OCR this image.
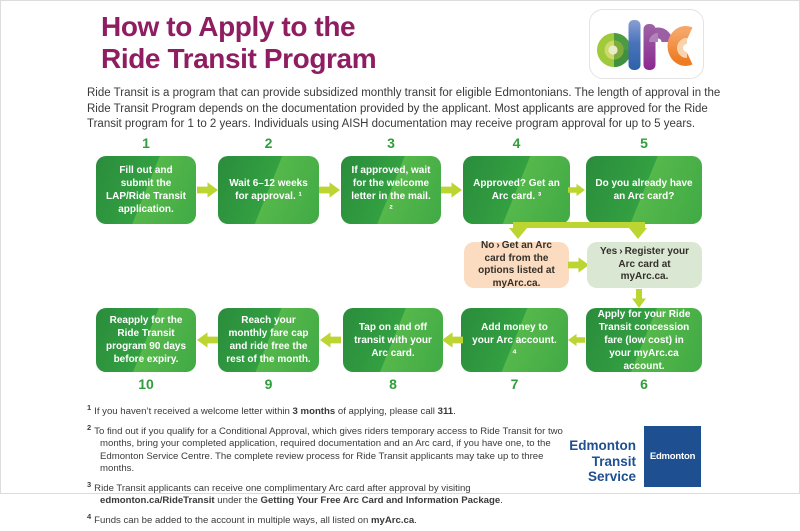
How to Apply to the
Ride Transit Program
Ride Transit is a program that can provide subsidized monthly transit for eligible Edmontonians. The length of approval in the Ride Transit Program depends on the documentation provided by the applicant. Most applicants are approved for the Ride Transit program for 1 to 2 years. Individuals using AISH documentation may receive program approval for up to 5 years.
1	2	3	4	5
Fill out and submit the LAP/Ride Transit application.
Wait 6–12 weeks for approval. ¹
If approved, wait for the welcome letter in the mail. ²
Approved? Get an Arc card. ³
Do you already have an Arc card?
No  ›  Get an Arc card from the options listed at myArc.ca.
Yes  ›  Register your Arc card at myArc.ca.
Reapply for the Ride Transit program 90 days before expiry.
Reach your monthly fare cap and ride free the rest of the month.
Tap on and off transit with your Arc card.
Add money to your Arc account. ⁴
Apply for your Ride Transit concession fare (low cost) in your myArc.ca account.
10	9	8	7	6
$^1$ If you haven’t received a welcome letter within 3 months of applying, please call 311.
$^2$ To find out if you qualify for a Conditional Approval, which gives riders temporary access to Ride Transit for two months, bring your completed application, required documentation and an Arc card, if you have one, to the Edmonton Service Centre. The complete review process for Ride Transit applicants may take up to three months.
$^3$ Ride Transit applicants can receive one complimentary Arc card after approval by visiting edmonton.ca/RideTransit under the Getting Your Free Arc Card and Information Package.
$^4$ Funds can be added to the account in multiple ways, all listed on myArc.ca.
Edmonton
Transit
Service
Edmonton
